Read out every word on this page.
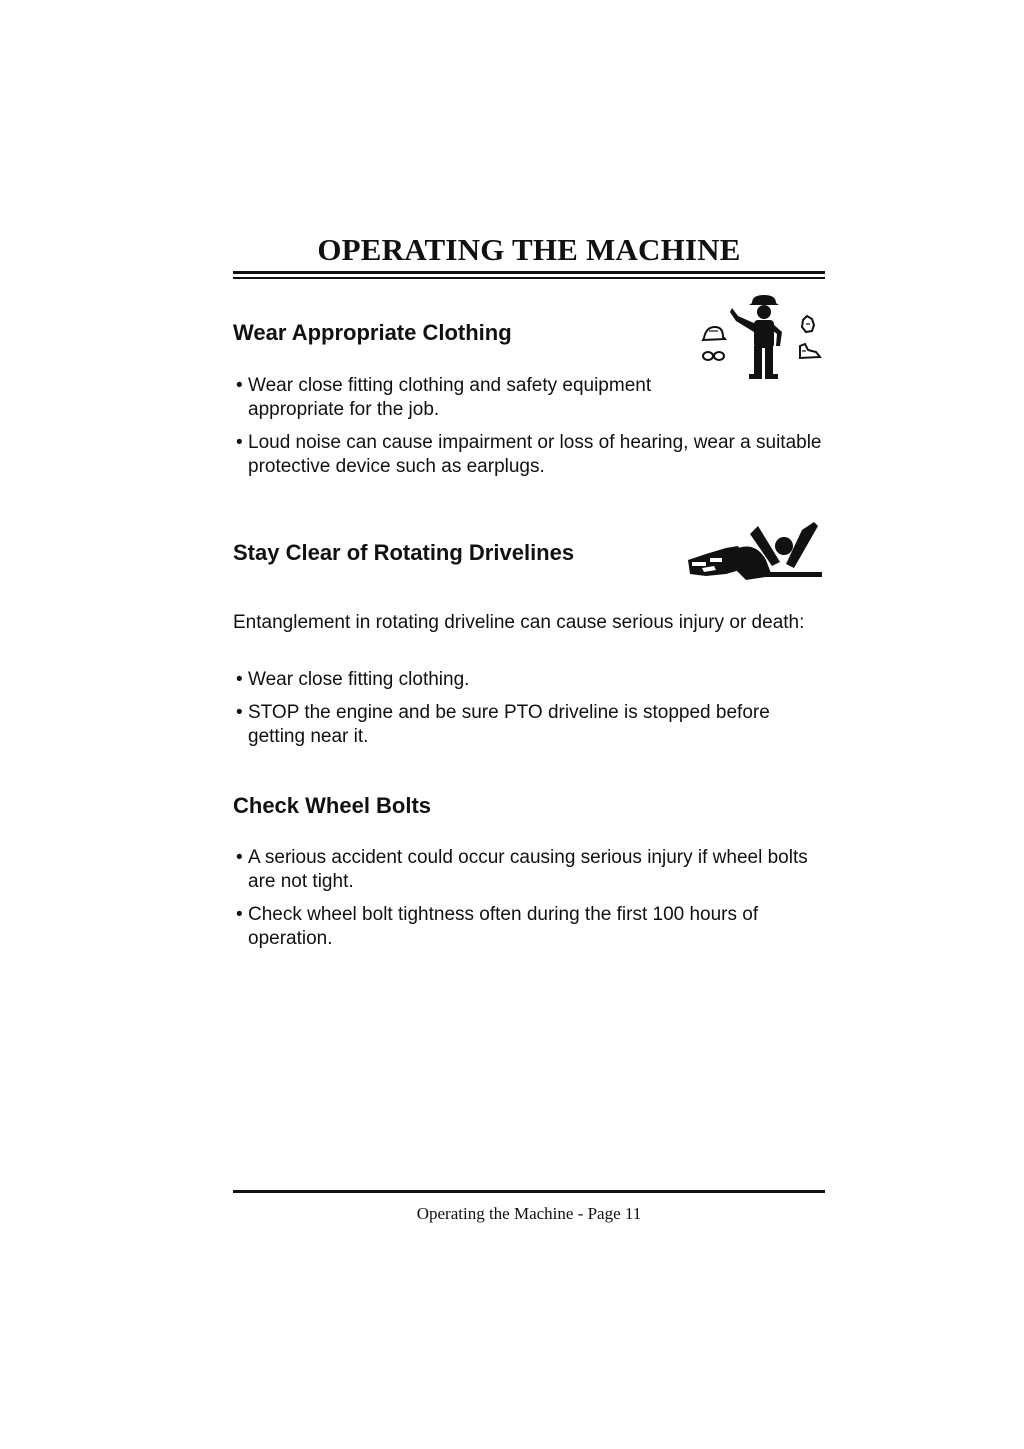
OPERATING THE MACHINE
Wear Appropriate Clothing

• Wear close fitting clothing and safety equipment appropriate for the job.

• Loud noise can cause impairment or loss of hearing, wear a suitable protective device such as earplugs.

Stay Clear of Rotating Drivelines

Entanglement in rotating driveline can cause serious injury or death:

• Wear close fitting clothing.

• STOP the engine and be sure PTO driveline is stopped before getting near it.

Check Wheel Bolts

• A serious accident could occur causing serious injury if wheel bolts are not tight.

• Check wheel bolt tightness often during the first 100 hours of operation.

Operating the Machine - Page 11
